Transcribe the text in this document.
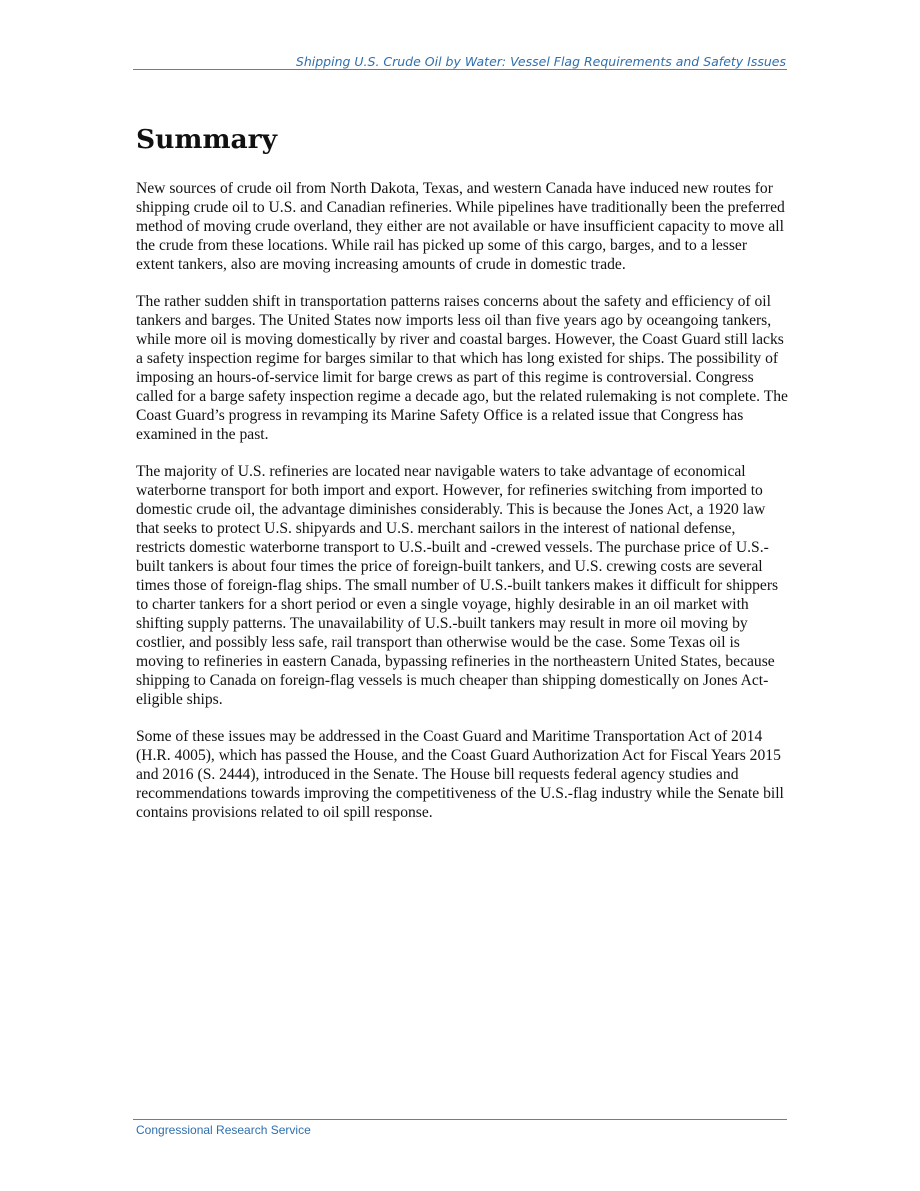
Shipping U.S. Crude Oil by Water: Vessel Flag Requirements and Safety Issues
Summary

New sources of crude oil from North Dakota, Texas, and western Canada have induced new routes for shipping crude oil to U.S. and Canadian refineries. While pipelines have traditionally been the preferred method of moving crude overland, they either are not available or have insufficient capacity to move all the crude from these locations. While rail has picked up some of this cargo, barges, and to a lesser extent tankers, also are moving increasing amounts of crude in domestic trade.

The rather sudden shift in transportation patterns raises concerns about the safety and efficiency of oil tankers and barges. The United States now imports less oil than five years ago by oceangoing tankers, while more oil is moving domestically by river and coastal barges. However, the Coast Guard still lacks a safety inspection regime for barges similar to that which has long existed for ships. The possibility of imposing an hours-of-service limit for barge crews as part of this regime is controversial. Congress called for a barge safety inspection regime a decade ago, but the related rulemaking is not complete. The Coast Guard’s progress in revamping its Marine Safety Office is a related issue that Congress has examined in the past.

The majority of U.S. refineries are located near navigable waters to take advantage of economical waterborne transport for both import and export. However, for refineries switching from imported to domestic crude oil, the advantage diminishes considerably. This is because the Jones Act, a 1920 law that seeks to protect U.S. shipyards and U.S. merchant sailors in the interest of national defense, restricts domestic waterborne transport to U.S.-built and -crewed vessels. The purchase price of U.S.-built tankers is about four times the price of foreign-built tankers, and U.S. crewing costs are several times those of foreign-flag ships. The small number of U.S.-built tankers makes it difficult for shippers to charter tankers for a short period or even a single voyage, highly desirable in an oil market with shifting supply patterns. The unavailability of U.S.-built tankers may result in more oil moving by costlier, and possibly less safe, rail transport than otherwise would be the case. Some Texas oil is moving to refineries in eastern Canada, bypassing refineries in the northeastern United States, because shipping to Canada on foreign-flag vessels is much cheaper than shipping domestically on Jones Act-eligible ships.

Some of these issues may be addressed in the Coast Guard and Maritime Transportation Act of 2014 (H.R. 4005), which has passed the House, and the Coast Guard Authorization Act for Fiscal Years 2015 and 2016 (S. 2444), introduced in the Senate. The House bill requests federal agency studies and recommendations towards improving the competitiveness of the U.S.-flag industry while the Senate bill contains provisions related to oil spill response.

Congressional Research Service
